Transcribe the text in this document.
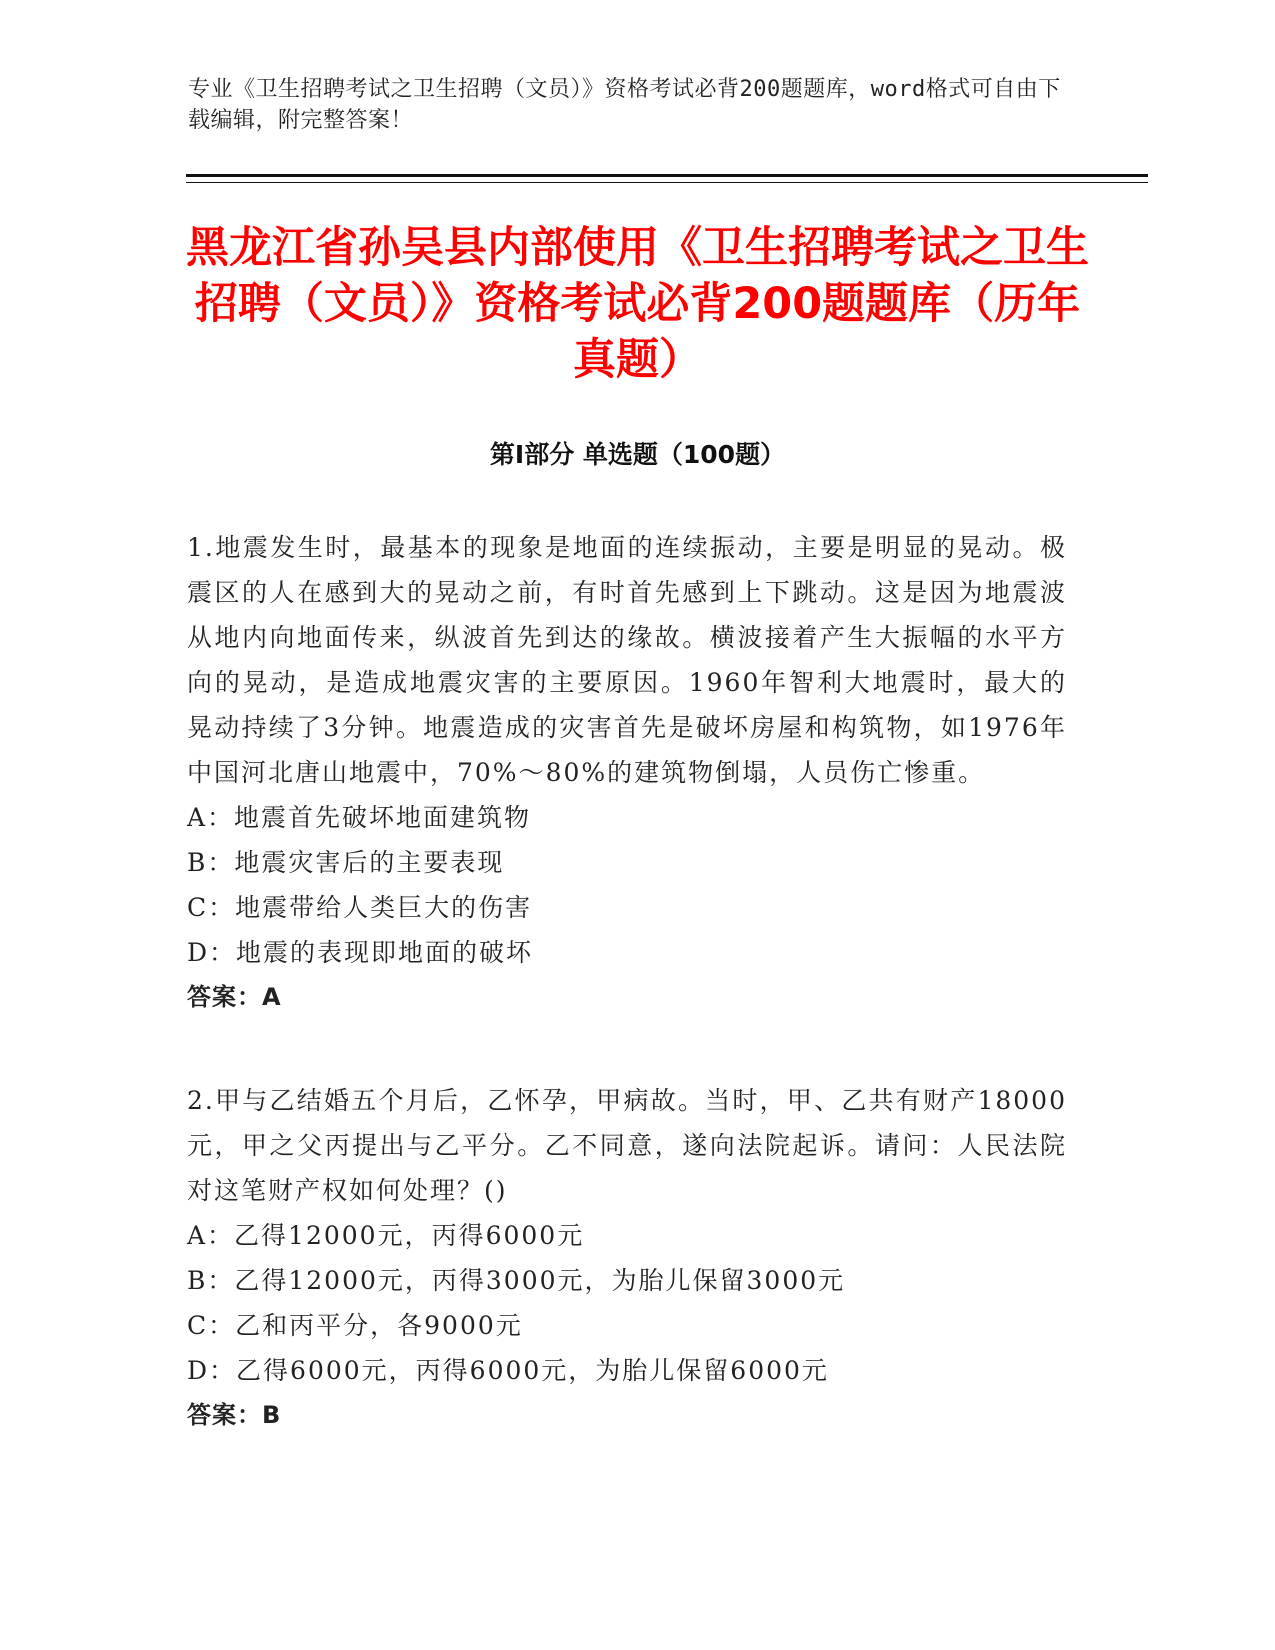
专业《卫生招聘考试之卫生招聘（文员）》资格考试必背200题题库，word格式可自由下载编辑，附完整答案！
黑龙江省孙吴县内部使用《卫生招聘考试之卫生招聘（文员）》资格考试必背200题题库（历年真题）
第I部分 单选题（100题）

1.地震发生时，最基本的现象是地面的连续振动，主要是明显的晃动。极震区的人在感到大的晃动之前，有时首先感到上下跳动。这是因为地震波从地内向地面传来，纵波首先到达的缘故。横波接着产生大振幅的水平方向的晃动，是造成地震灾害的主要原因。1960年智利大地震时，最大的晃动持续了3分钟。地震造成的灾害首先是破坏房屋和构筑物，如1976年中国河北唐山地震中，70%～80%的建筑物倒塌，人员伤亡惨重。

A：地震首先破坏地面建筑物

B：地震灾害后的主要表现

C：地震带给人类巨大的伤害

D：地震的表现即地面的破坏

答案：A

2.甲与乙结婚五个月后，乙怀孕，甲病故。当时，甲、乙共有财产18000元，甲之父丙提出与乙平分。乙不同意，遂向法院起诉。请问：人民法院对这笔财产权如何处理？()

A：乙得12000元，丙得6000元

B：乙得12000元，丙得3000元，为胎儿保留3000元

C：乙和丙平分，各9000元

D：乙得6000元，丙得6000元，为胎儿保留6000元

答案：B
